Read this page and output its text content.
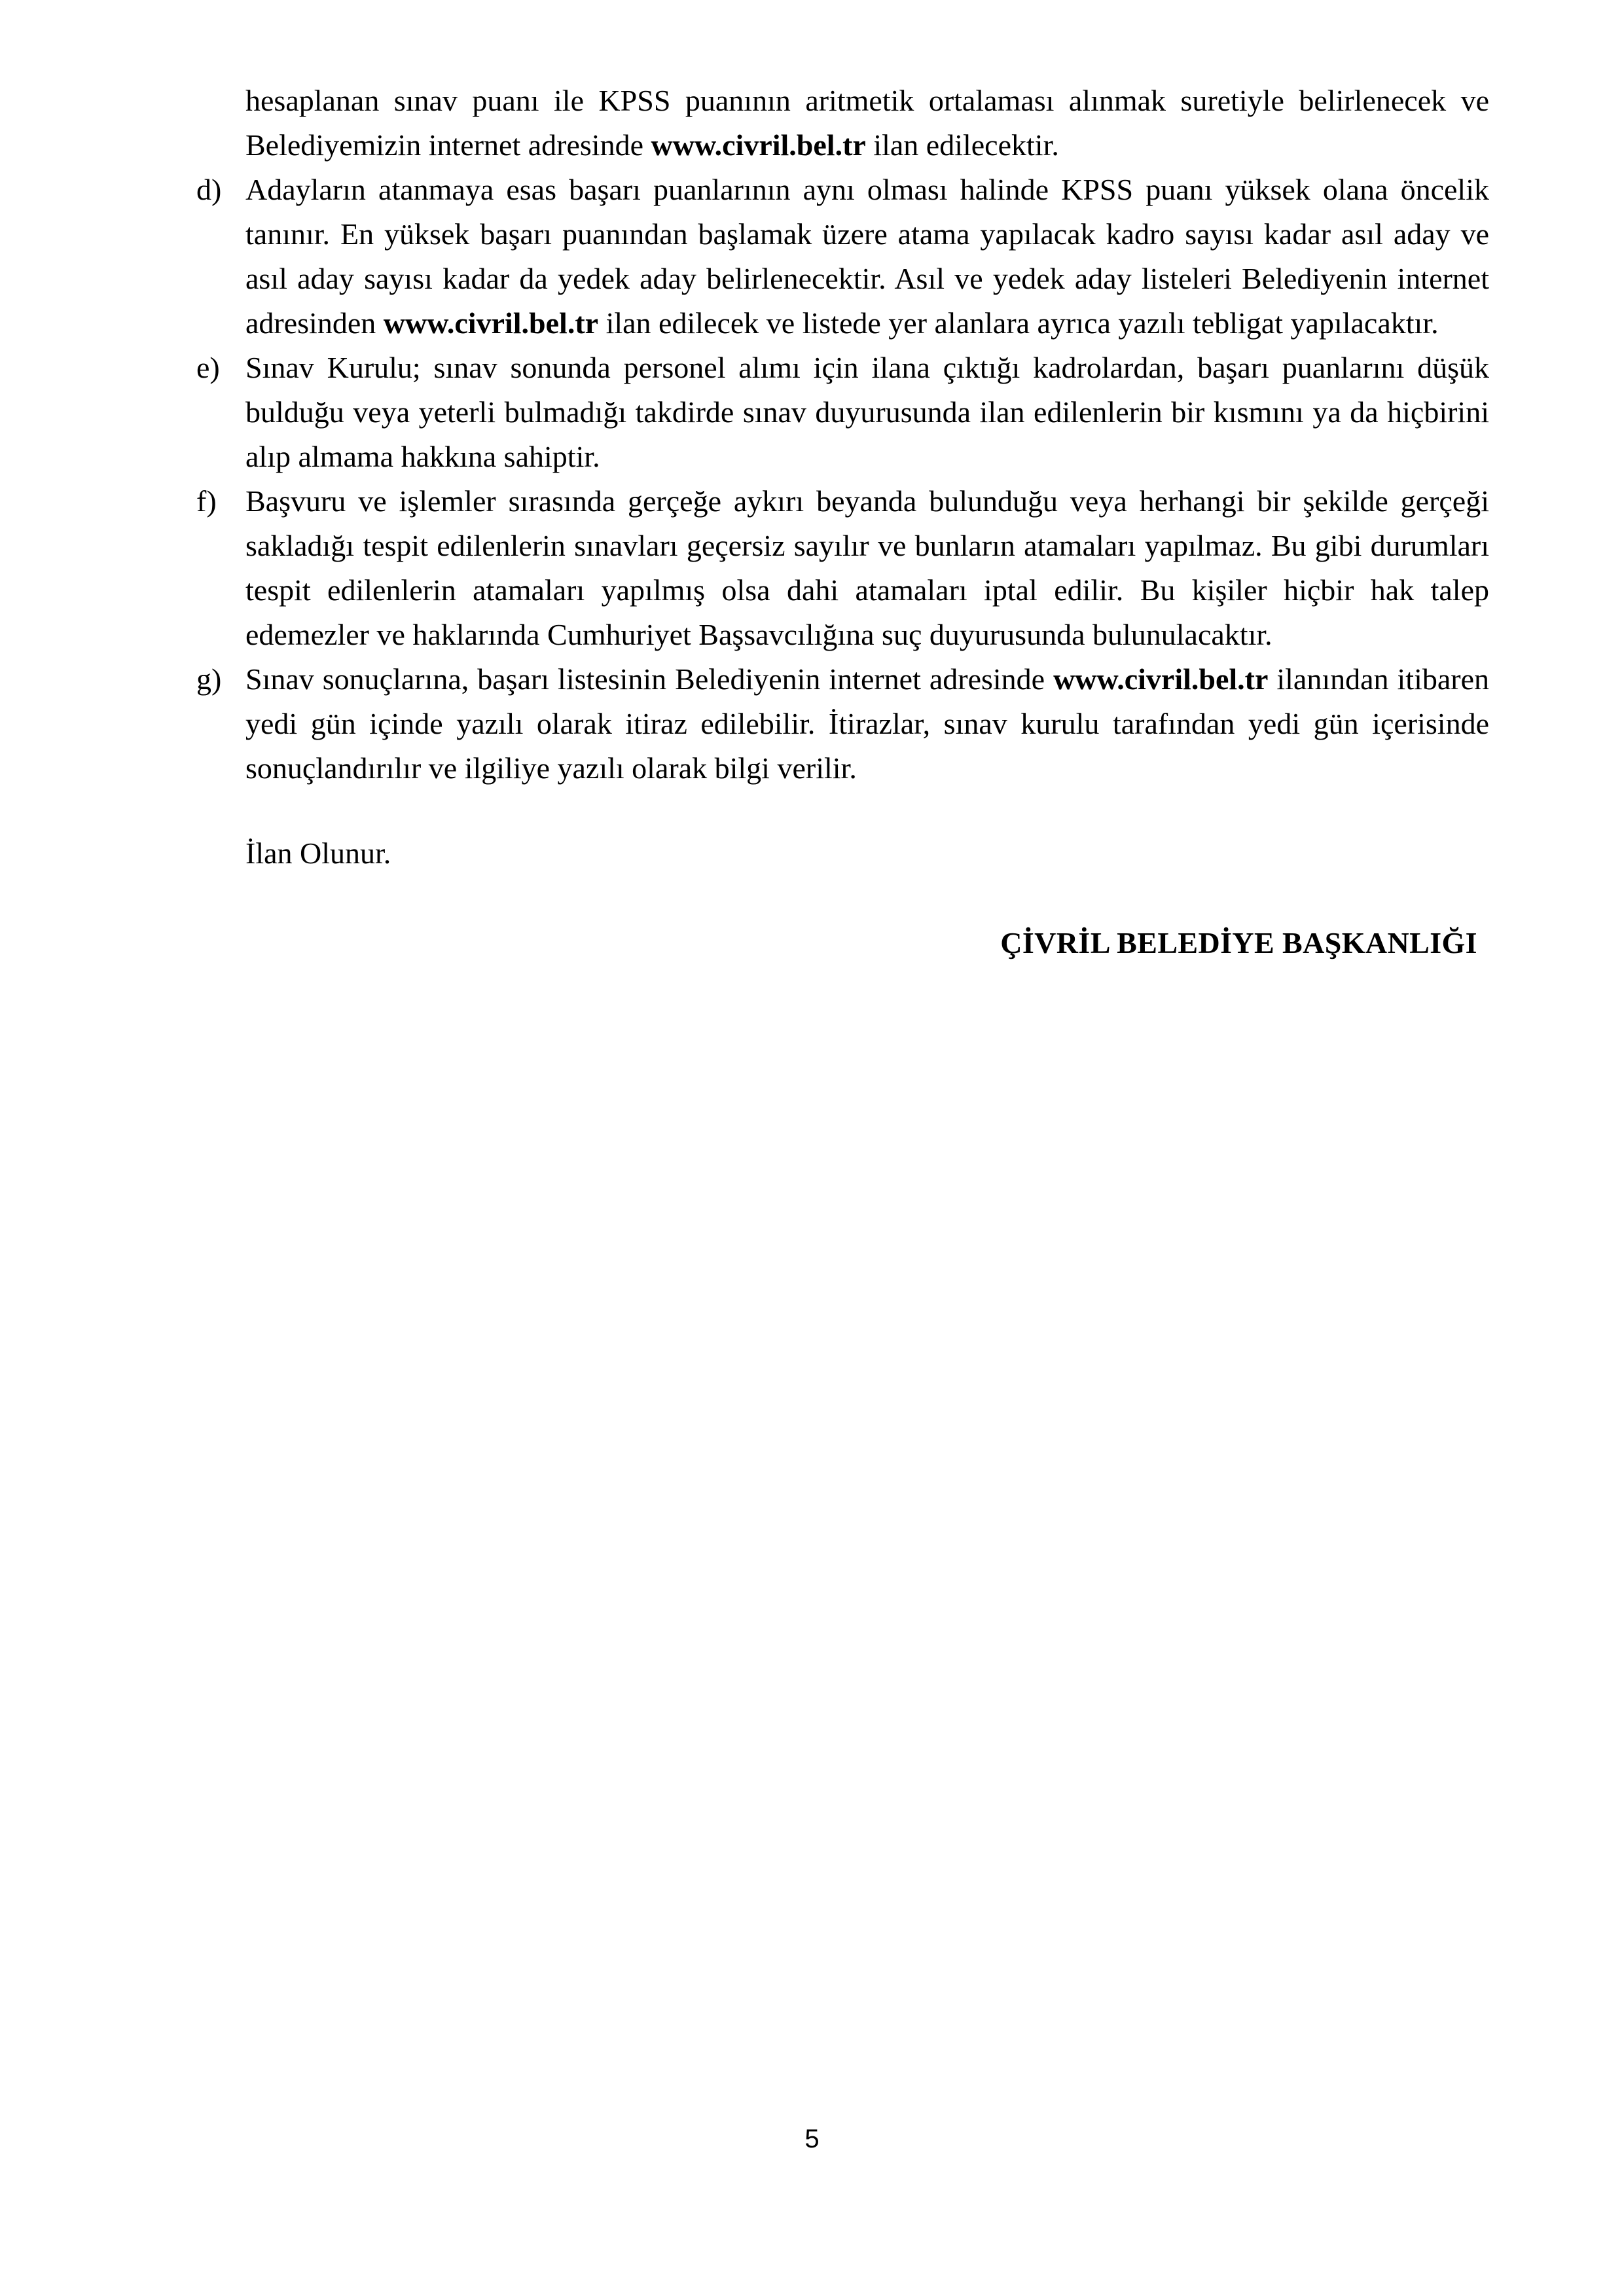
hesaplanan sınav puanı ile KPSS puanının aritmetik ortalaması alınmak suretiyle belirlenecek ve Belediyemizin internet adresinde www.civril.bel.tr ilan edilecektir.

d) Adayların atanmaya esas başarı puanlarının aynı olması halinde KPSS puanı yüksek olana öncelik tanınır. En yüksek başarı puanından başlamak üzere atama yapılacak kadro sayısı kadar asıl aday ve asıl aday sayısı kadar da yedek aday belirlenecektir. Asıl ve yedek aday listeleri Belediyenin internet adresinden www.civril.bel.tr ilan edilecek ve listede yer alanlara ayrıca yazılı tebligat yapılacaktır.

e) Sınav Kurulu; sınav sonunda personel alımı için ilana çıktığı kadrolardan, başarı puanlarını düşük bulduğu veya yeterli bulmadığı takdirde sınav duyurusunda ilan edilenlerin bir kısmını ya da hiçbirini alıp almama hakkına sahiptir.

f) Başvuru ve işlemler sırasında gerçeğe aykırı beyanda bulunduğu veya herhangi bir şekilde gerçeği sakladığı tespit edilenlerin sınavları geçersiz sayılır ve bunların atamaları yapılmaz. Bu gibi durumları tespit edilenlerin atamaları yapılmış olsa dahi atamaları iptal edilir. Bu kişiler hiçbir hak talep edemezler ve haklarında Cumhuriyet Başsavcılığına suç duyurusunda bulunulacaktır.

g) Sınav sonuçlarına, başarı listesinin Belediyenin internet adresinde www.civril.bel.tr ilanından itibaren yedi gün içinde yazılı olarak itiraz edilebilir. İtirazlar, sınav kurulu tarafından yedi gün içerisinde sonuçlandırılır ve ilgiliye yazılı olarak bilgi verilir.

İlan Olunur.

ÇİVRİL BELEDİYE BAŞKANLIĞI

5
